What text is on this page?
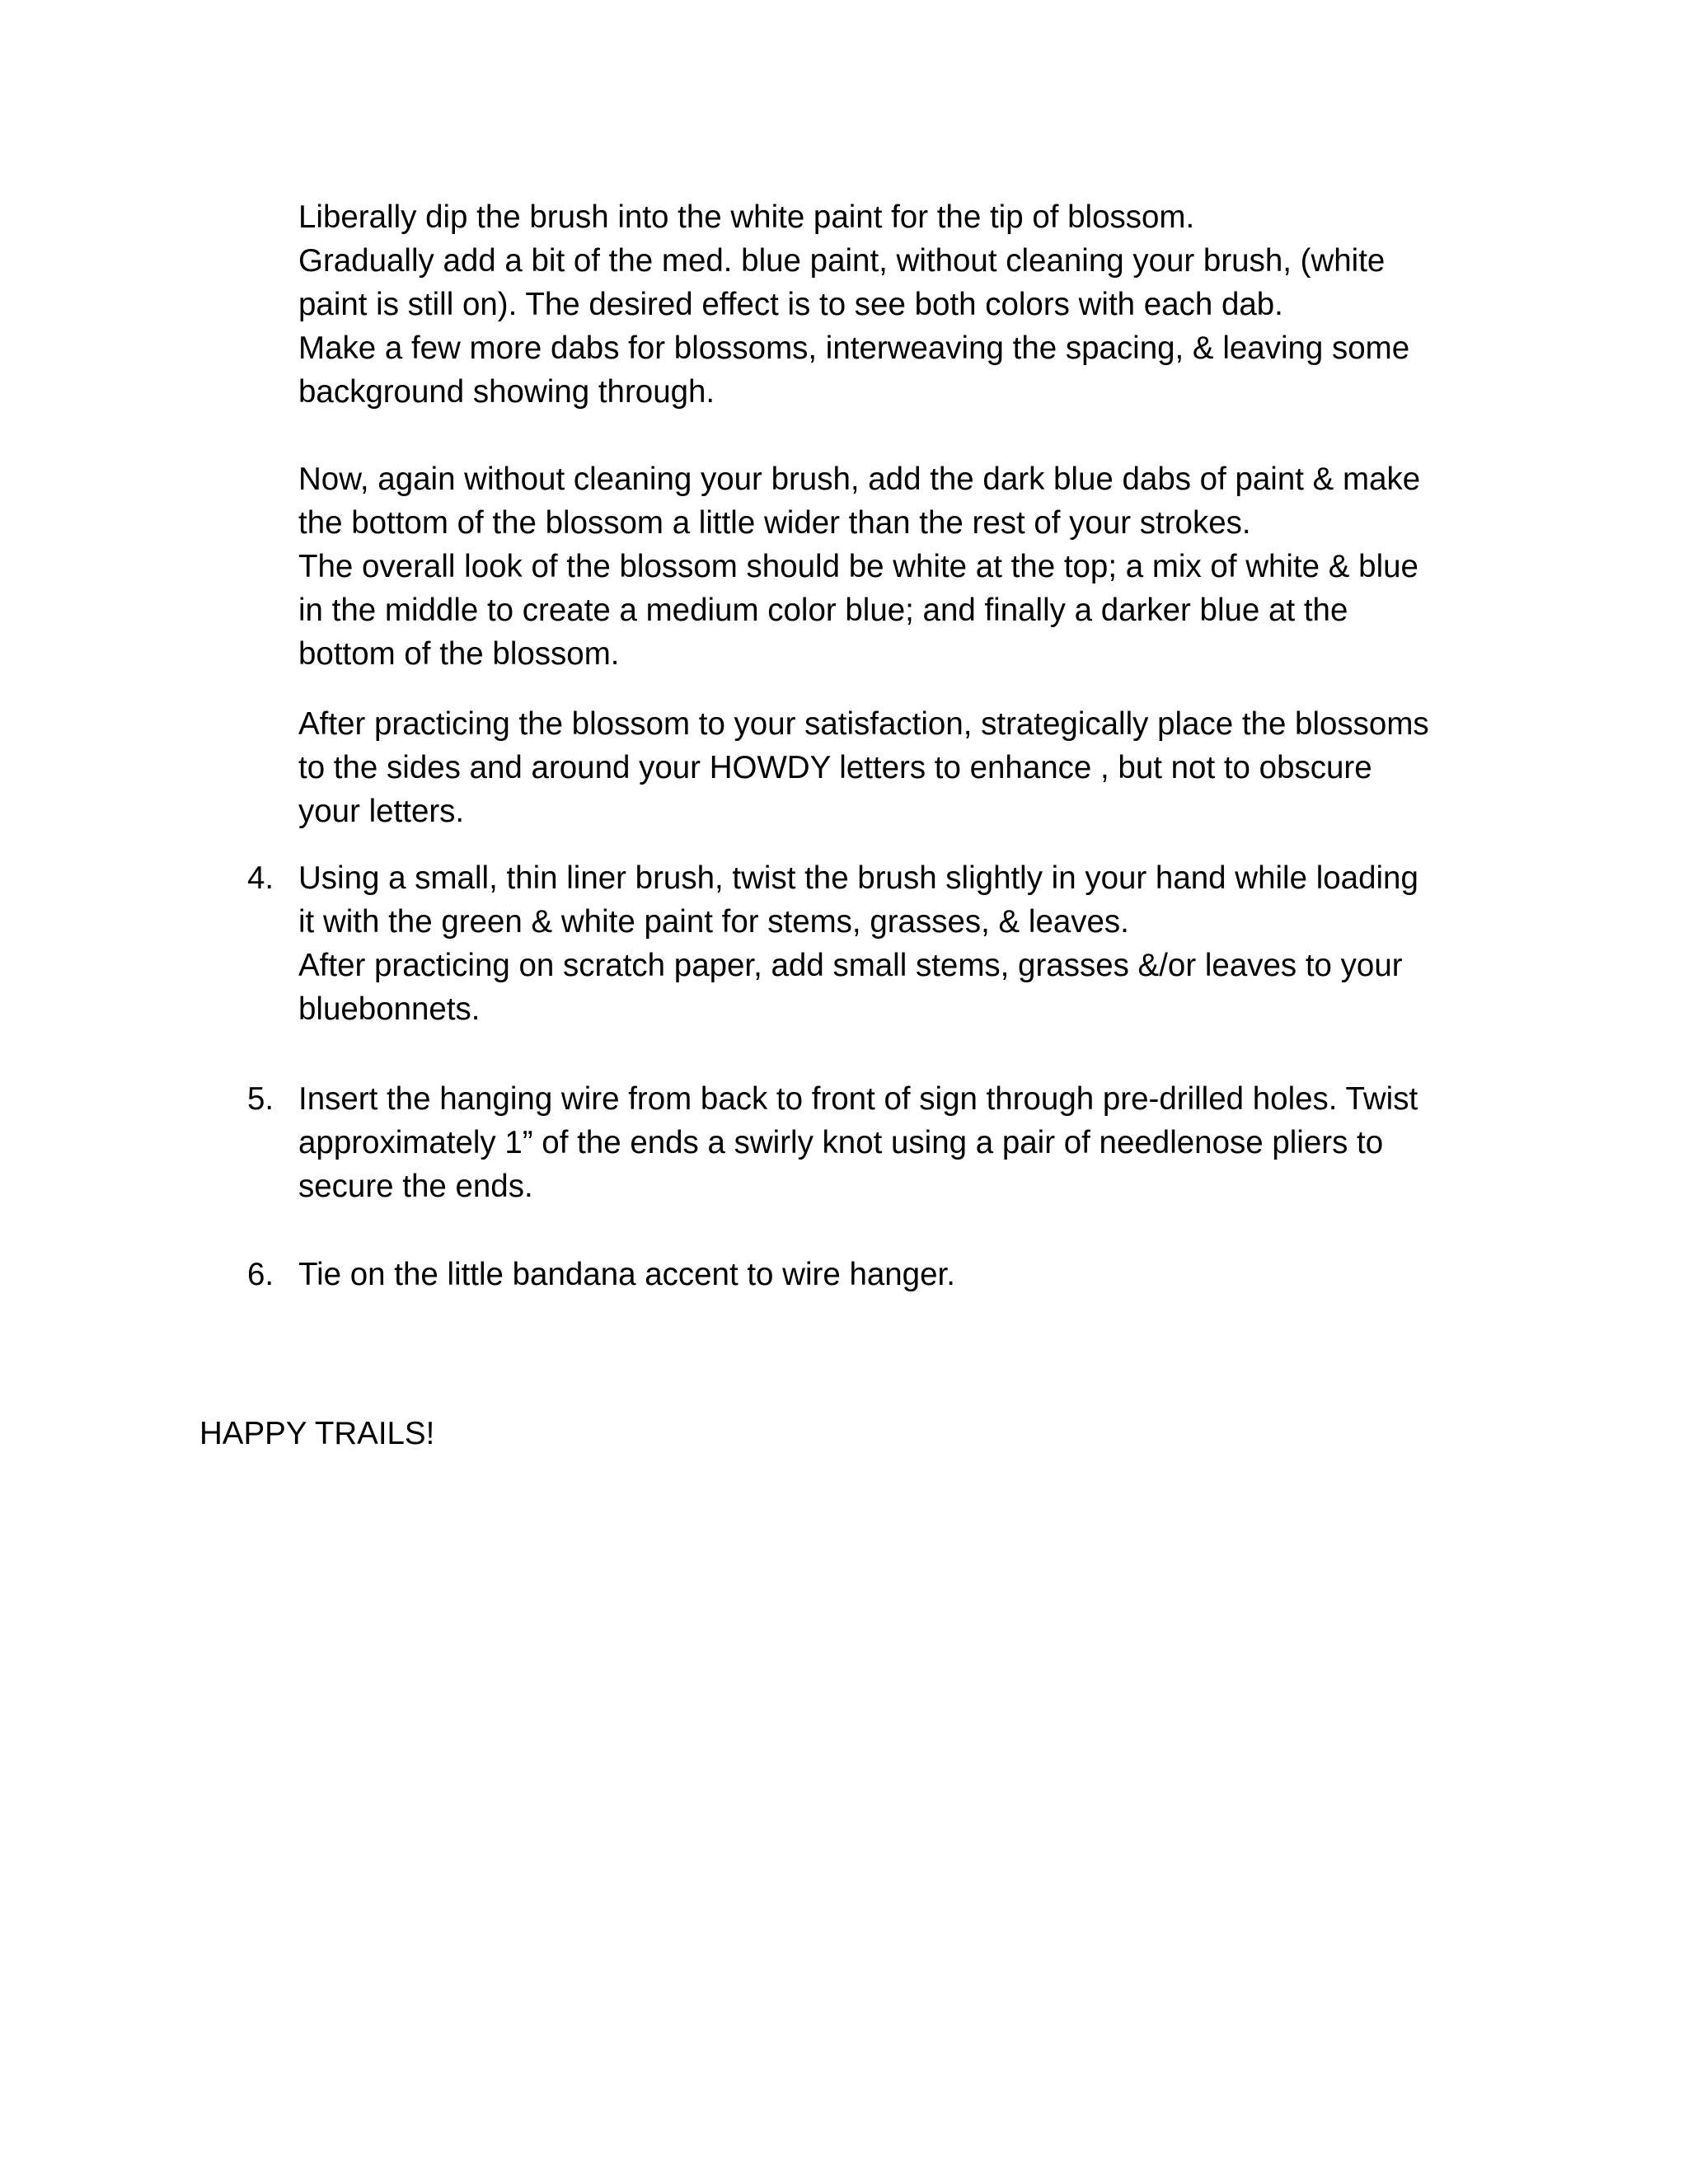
Liberally dip the brush into the white paint for the tip of blossom.
Gradually add a bit of the med. blue paint, without cleaning your brush, (white
paint is still on). The desired effect is to see both colors with each dab.
Make a few more dabs for blossoms, interweaving the spacing, & leaving some
background showing through.
Now, again without cleaning your brush, add the dark blue dabs of paint & make
the bottom of the blossom a little wider than the rest of your strokes.
The overall look of the blossom should be white at the top; a mix of white & blue
in the middle to create a medium color blue; and finally a darker blue at the
bottom of the blossom.
After practicing the blossom to your satisfaction, strategically place the blossoms
to the sides and around your HOWDY letters to enhance , but not to obscure
your letters.
4. Using a small, thin liner brush, twist the brush slightly in your hand while loading
it with the green & white paint for stems, grasses, & leaves.
After practicing on scratch paper, add small stems, grasses &/or leaves to your
bluebonnets.
5. Insert the hanging wire from back to front of sign through pre-drilled holes. Twist
approximately 1” of the ends a swirly knot using a pair of needlenose pliers to
secure the ends.
6. Tie on the little bandana accent to wire hanger.
HAPPY TRAILS!
